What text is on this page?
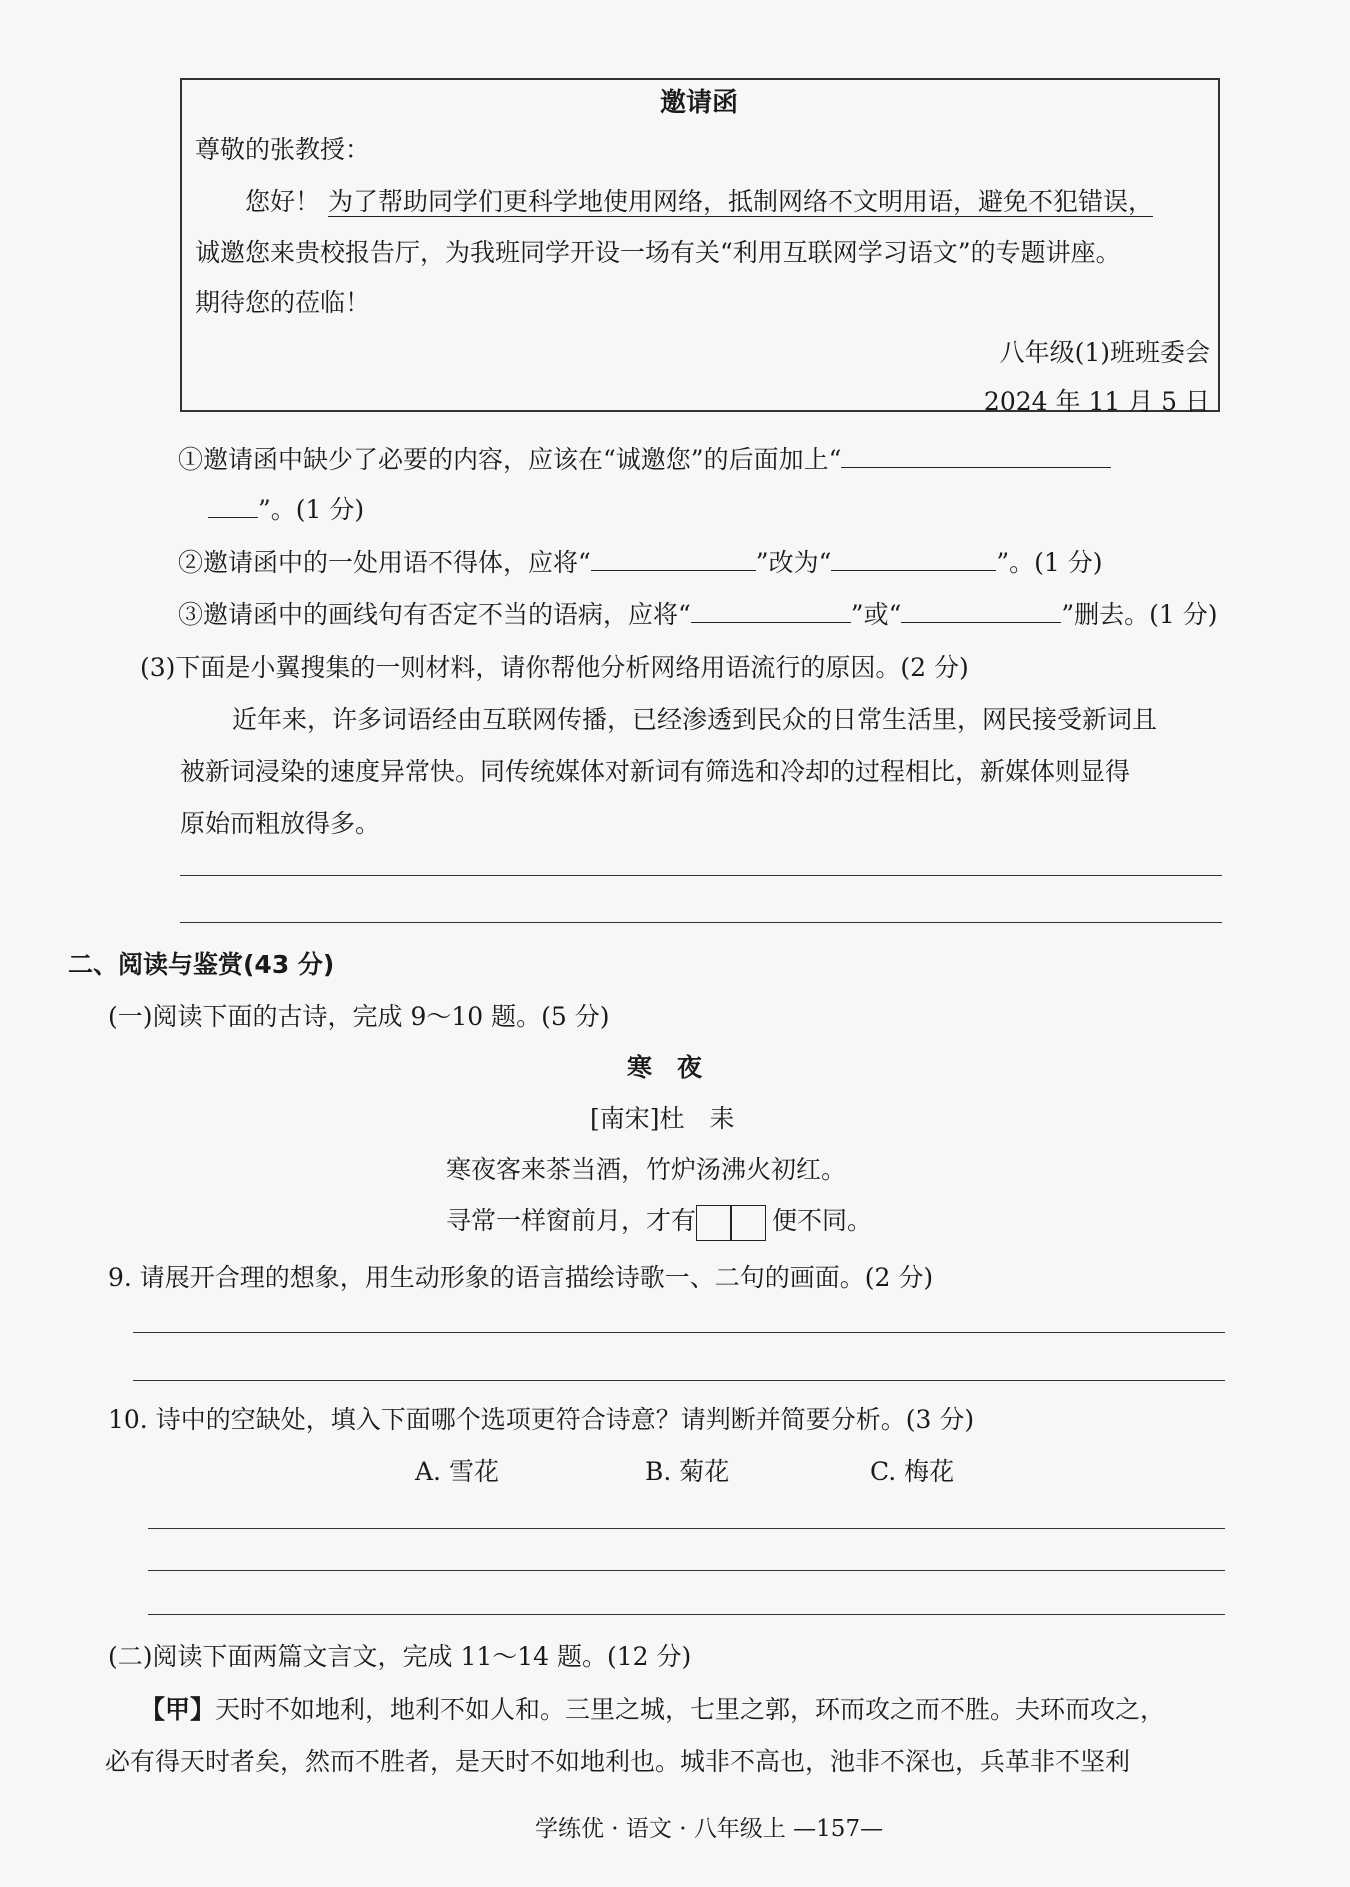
邀请函
尊敬的张教授：
您好！ 为了帮助同学们更科学地使用网络，抵制网络不文明用语，避免不犯错误，
诚邀您来贵校报告厅，为我班同学开设一场有关“利用互联网学习语文”的专题讲座。
期待您的莅临！
八年级(1)班班委会
2024 年 11 月 5 日
①邀请函中缺少了必要的内容，应该在“诚邀您”的后面加上“
”。(1 分)
②邀请函中的一处用语不得体，应将“	”改为“	”。(1 分)
③邀请函中的画线句有否定不当的语病，应将“	”或“	”删去。(1 分)
(3)下面是小翼搜集的一则材料，请你帮他分析网络用语流行的原因。(2 分)
近年来，许多词语经由互联网传播，已经渗透到民众的日常生活里，网民接受新词且
被新词浸染的速度异常快。同传统媒体对新词有筛选和冷却的过程相比，新媒体则显得
原始而粗放得多。
二、阅读与鉴赏(43 分)
(一)阅读下面的古诗，完成 9～10 题。(5 分)
寒　夜
[南宋]杜　耒
寒夜客来茶当酒，竹炉汤沸火初红。
寻常一样窗前月，才有	便不同。
9. 请展开合理的想象，用生动形象的语言描绘诗歌一、二句的画面。(2 分)
10. 诗中的空缺处，填入下面哪个选项更符合诗意？请判断并简要分析。(3 分)
A. 雪花	B. 菊花	C. 梅花
(二)阅读下面两篇文言文，完成 11～14 题。(12 分)
【甲】天时不如地利，地利不如人和。三里之城，七里之郭，环而攻之而不胜。夫环而攻之，
必有得天时者矣，然而不胜者，是天时不如地利也。城非不高也，池非不深也，兵革非不坚利
学练优 · 语文 · 八年级上 —157—
